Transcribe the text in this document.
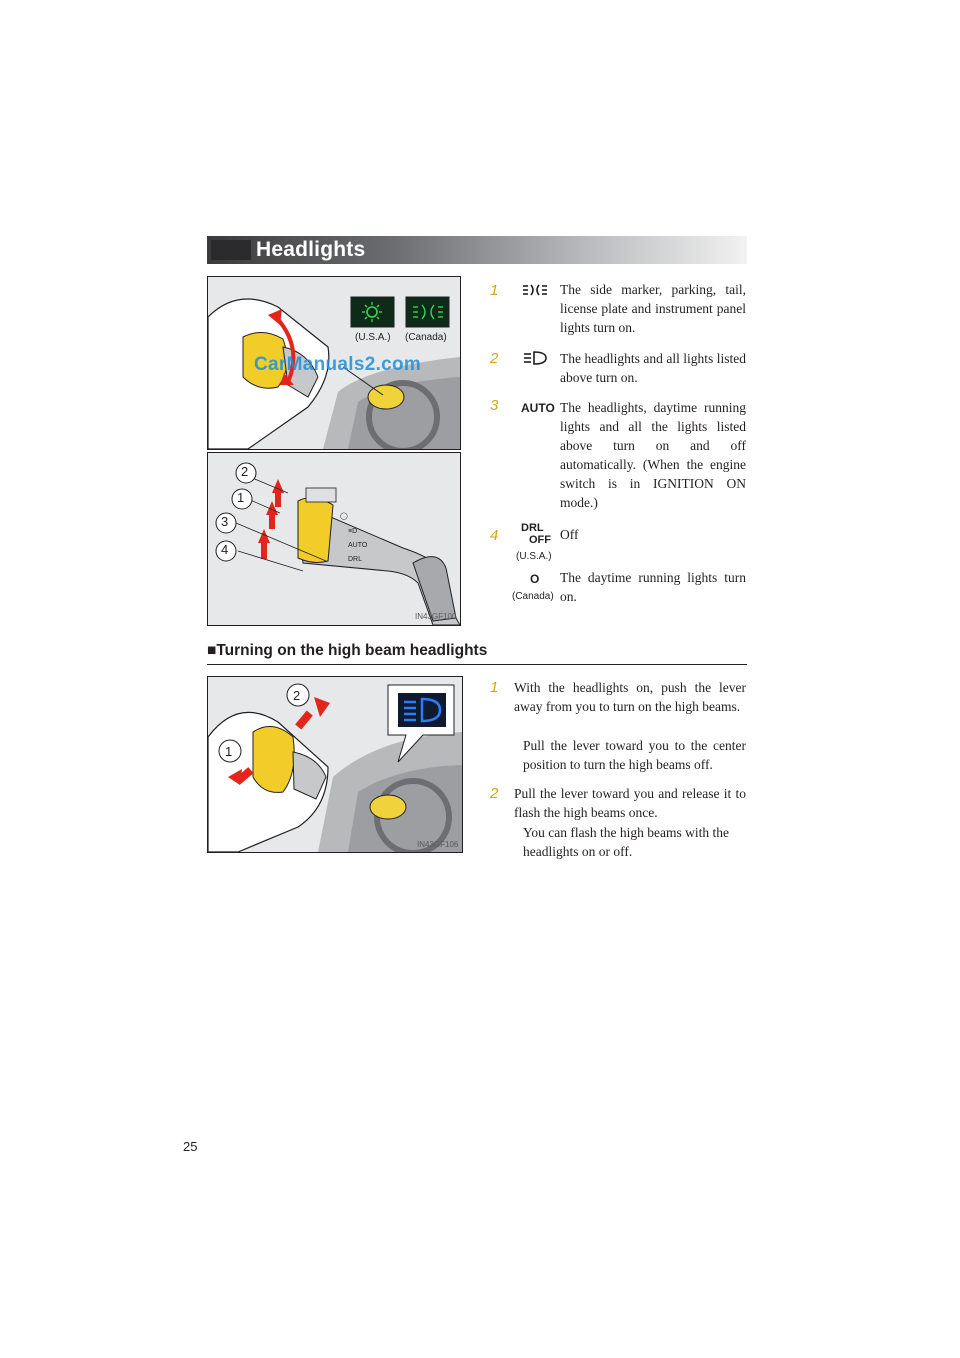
Headlights
(U.S.A.) (Canada)
CarManuals2.com
◯
≡D
AUTO
DRL
2
1
3
4
IN43GF100
1	The side marker, parking, tail, license plate and instrument panel lights turn on.
2	The headlights and all lights listed above turn on.
3 AUTO The headlights, daytime running lights and all the lights listed above turn on and off automatically. (When the engine switch is in IGNITION ON mode.)
4 DRL
OFF
(U.S.A.)
Off
O
(Canada)
The daytime running lights turn on.
■Turning on the high beam headlights
2
1
IN43GF106
1 With the headlights on, push the lever away from you to turn on the high beams.
Pull the lever toward you to the center position to turn the high beams off.
2 Pull the lever toward you and release it to flash the high beams once.
You can flash the high beams with the headlights on or off.
25
